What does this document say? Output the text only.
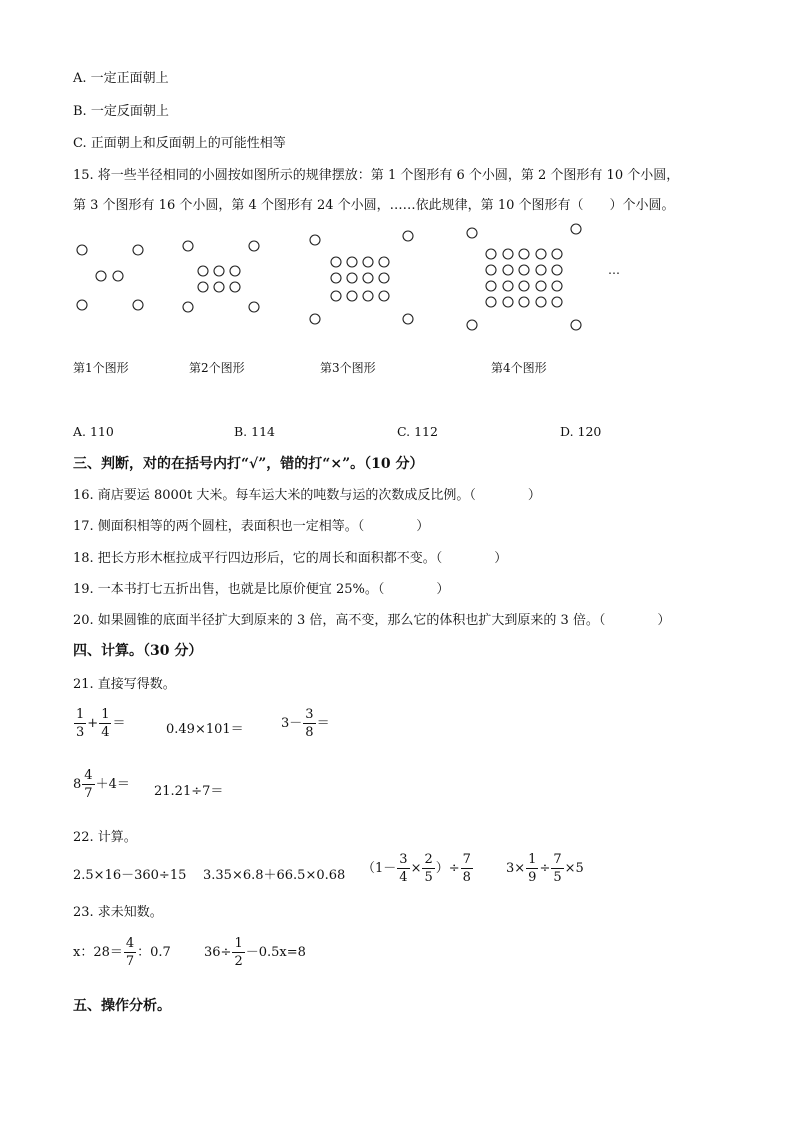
A. 一定正面朝上
B. 一定反面朝上
C. 正面朝上和反面朝上的可能性相等
15. 将一些半径相同的小圆按如图所示的规律摆放：第 1 个图形有 6 个小圆，第 2 个图形有 10 个小圆，
第 3 个图形有 16 个小圆，第 4 个图形有 24 个小圆，……依此规律，第 10 个图形有（　　）个小圆。
…
第1个图形	第2个图形	第3个图形	第4个图形
A. 110	B. 114	C. 112	D. 120
三、判断，对的在括号内打“√”，错的打“×”。（10 分）
16. 商店要运 8000t 大米。每车运大米的吨数与运的次数成反比例。（　　　　）
17. 侧面积相等的两个圆柱，表面积也一定相等。（　　　　）
18. 把长方形木框拉成平行四边形后，它的周长和面积都不变。（　　　　）
19. 一本书打七五折出售，也就是比原价便宜 25%。（　　　　）
20. 如果圆锥的底面半径扩大到原来的 3 倍，高不变，那么它的体积也扩大到原来的 3 倍。（　　　　）
四、计算。（30 分）
21. 直接写得数。
$\frac{1}{3} + \frac{1}{4}$ ＝	0.49×101＝	$3- \frac{3}{8}$ ＝
$8 \frac{4}{7} +4= 21.21\div 7=$
22. 计算。
2.5×16－360÷15 3.35×6.8＋66.5×0.68 （$1- \frac{3}{4} \times \frac{2}{5}$ ）÷ $\frac{7}{8}$	$3\times \frac{1}{9} \div \frac{7}{5} \times 5$
23. 求未知数。
x：$28= \frac{4}{7}$ ：0.7	$36\div \frac{1}{2} -0.5x=8$
五、操作分析。
